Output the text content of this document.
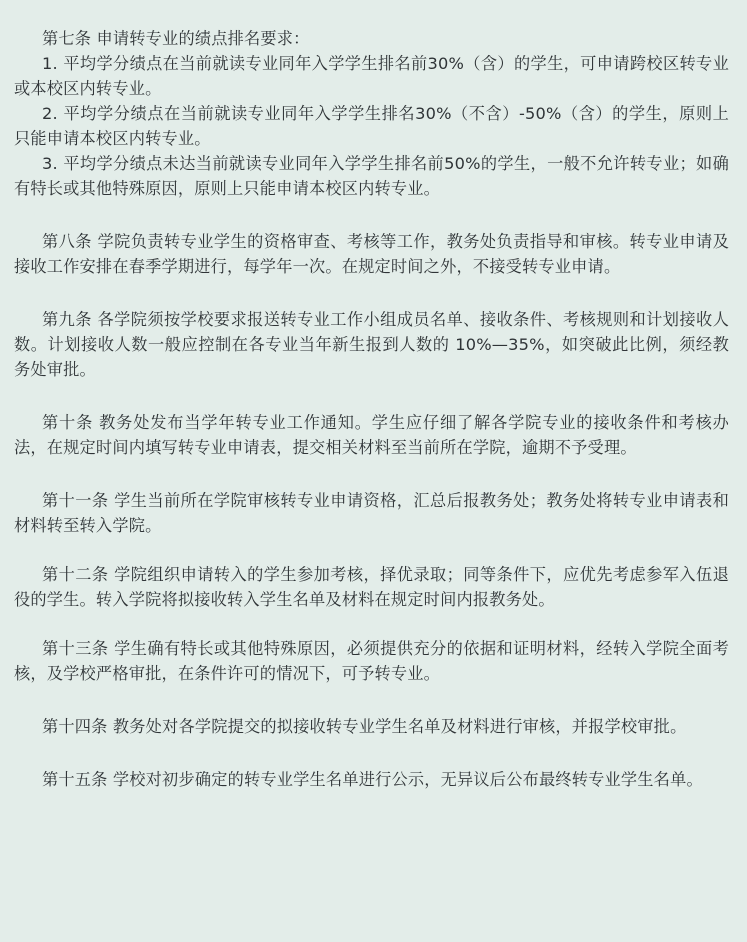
第七条 申请转专业的绩点排名要求：

1. 平均学分绩点在当前就读专业同年入学学生排名前30%（含）的学生，可申请跨校区转专业或本校区内转专业。

2. 平均学分绩点在当前就读专业同年入学学生排名30%（不含）-50%（含）的学生，原则上只能申请本校区内转专业。

3. 平均学分绩点未达当前就读专业同年入学学生排名前50%的学生，一般不允许转专业；如确有特长或其他特殊原因，原则上只能申请本校区内转专业。

第八条 学院负责转专业学生的资格审查、考核等工作，教务处负责指导和审核。转专业申请及接收工作安排在春季学期进行，每学年一次。在规定时间之外，不接受转专业申请。

第九条 各学院须按学校要求报送转专业工作小组成员名单、接收条件、考核规则和计划接收人数。计划接收人数一般应控制在各专业当年新生报到人数的 10%—35%，如突破此比例，须经教务处审批。

第十条 教务处发布当学年转专业工作通知。学生应仔细了解各学院专业的接收条件和考核办法，在规定时间内填写转专业申请表，提交相关材料至当前所在学院，逾期不予受理。

第十一条 学生当前所在学院审核转专业申请资格，汇总后报教务处；教务处将转专业申请表和材料转至转入学院。

第十二条 学院组织申请转入的学生参加考核，择优录取；同等条件下，应优先考虑参军入伍退役的学生。转入学院将拟接收转入学生名单及材料在规定时间内报教务处。

第十三条 学生确有特长或其他特殊原因，必须提供充分的依据和证明材料，经转入学院全面考核，及学校严格审批，在条件许可的情况下，可予转专业。

第十四条 教务处对各学院提交的拟接收转专业学生名单及材料进行审核，并报学校审批。

第十五条 学校对初步确定的转专业学生名单进行公示，无异议后公布最终转专业学生名单。
